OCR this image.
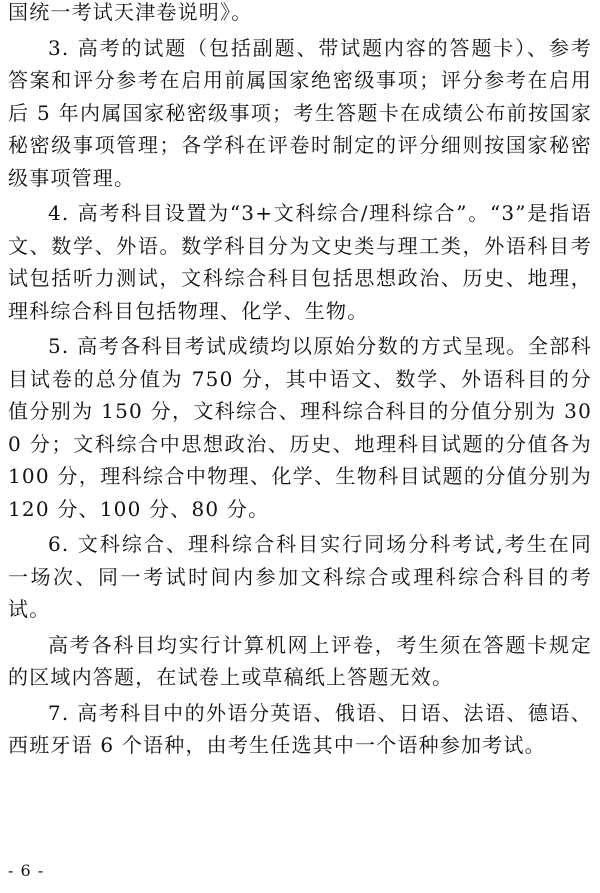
国统一考试天津卷说明》。

3. 高考的试题（包括副题、带试题内容的答题卡）、参考答案和评分参考在启用前属国家绝密级事项；评分参考在启用后 5 年内属国家秘密级事项；考生答题卡在成绩公布前按国家秘密级事项管理；各学科在评卷时制定的评分细则按国家秘密级事项管理。

4. 高考科目设置为“3+文科综合/理科综合”。“3”是指语文、数学、外语。数学科目分为文史类与理工类，外语科目考试包括听力测试，文科综合科目包括思想政治、历史、地理，理科综合科目包括物理、化学、生物。

5. 高考各科目考试成绩均以原始分数的方式呈现。全部科目试卷的总分值为 750 分，其中语文、数学、外语科目的分值分别为 150 分，文科综合、理科综合科目的分值分别为 300 分；文科综合中思想政治、历史、地理科目试题的分值各为 100 分，理科综合中物理、化学、生物科目试题的分值分别为 120 分、100 分、80 分。

6. 文科综合、理科综合科目实行同场分科考试,考生在同一场次、同一考试时间内参加文科综合或理科综合科目的考试。

高考各科目均实行计算机网上评卷，考生须在答题卡规定的区域内答题，在试卷上或草稿纸上答题无效。

7. 高考科目中的外语分英语、俄语、日语、法语、德语、西班牙语 6 个语种，由考生任选其中一个语种参加考试。

- 6 -
